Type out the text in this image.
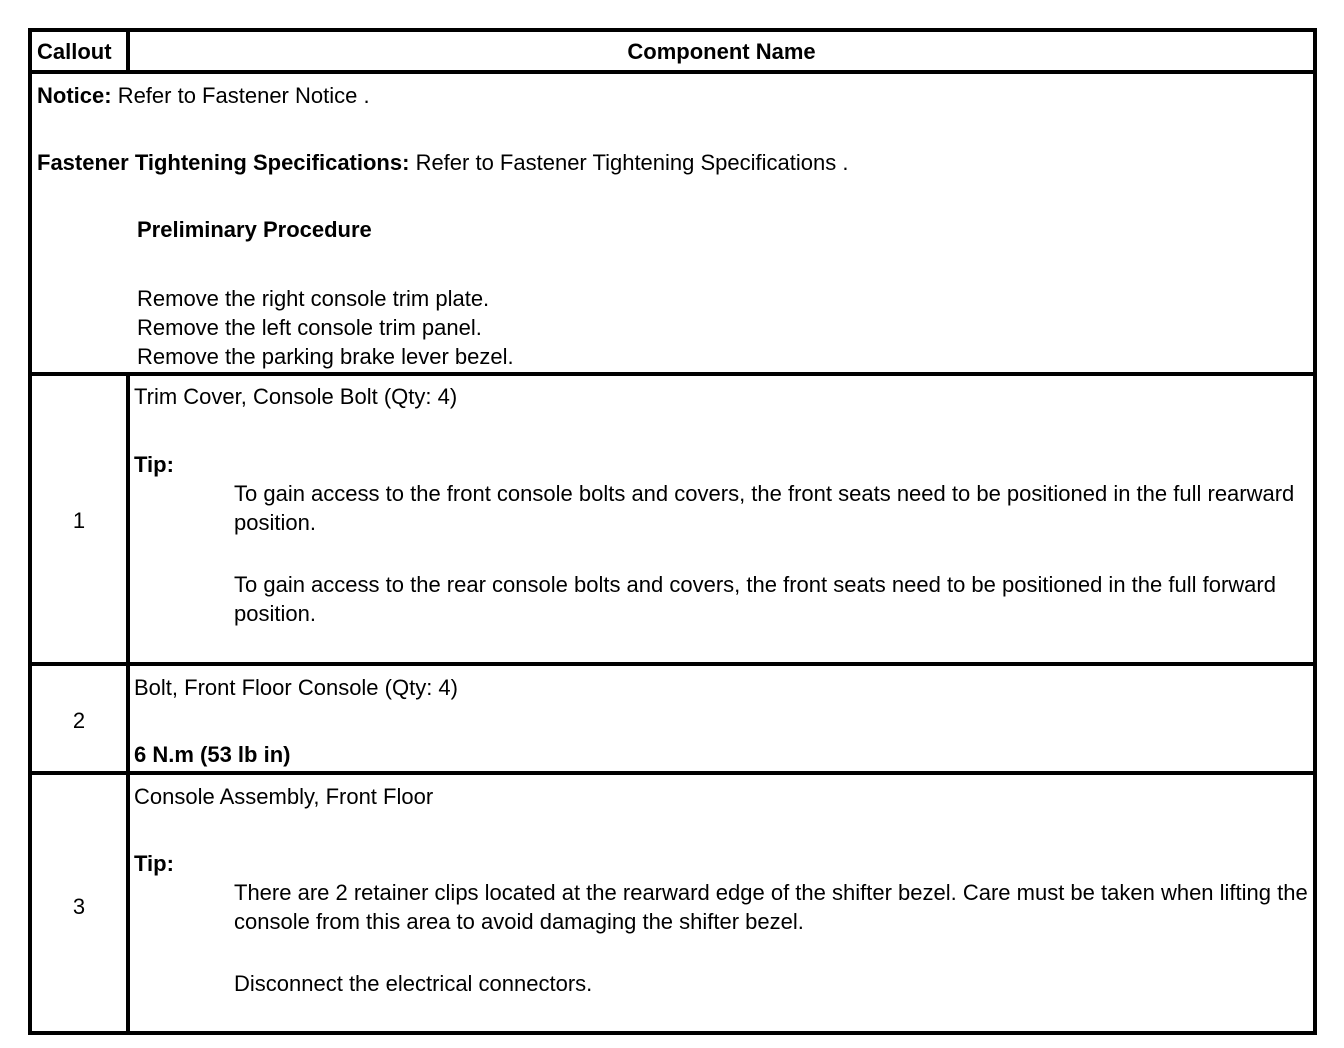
Callout	Component Name
Notice: Refer to Fastener Notice .
Fastener Tightening Specifications: Refer to Fastener Tightening Specifications .
Preliminary Procedure
Remove the right console trim plate.
Remove the left console trim panel.
Remove the parking brake lever bezel.
1
Trim Cover, Console Bolt (Qty: 4)
Tip:
To gain access to the front console bolts and covers, the front seats need to be positioned in the full rearward position.
To gain access to the rear console bolts and covers, the front seats need to be positioned in the full forward position.
2
Bolt, Front Floor Console (Qty: 4)
6 N.m (53 lb in)
3
Console Assembly, Front Floor
Tip:
There are 2 retainer clips located at the rearward edge of the shifter bezel. Care must be taken when lifting the console from this area to avoid damaging the shifter bezel.
Disconnect the electrical connectors.
